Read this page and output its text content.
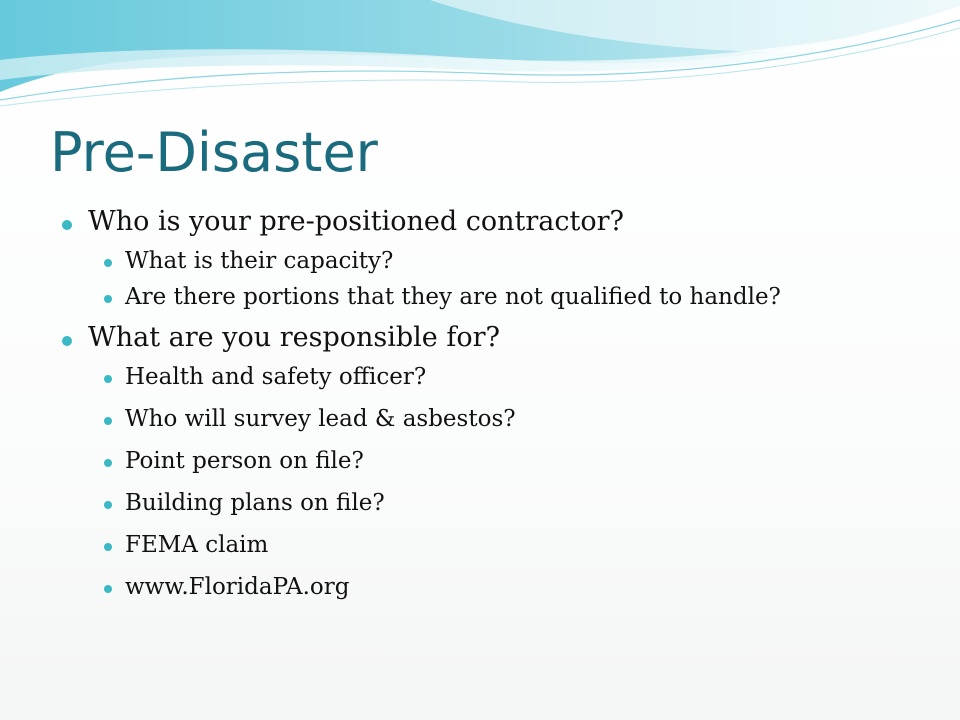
Pre-Disaster

Who is your pre-positioned contractor?

What is their capacity?

Are there portions that they are not qualified to handle?

What are you responsible for?

Health and safety officer?

Who will survey lead & asbestos?

Point person on file?

Building plans on file?

FEMA claim

www.FloridaPA.org
